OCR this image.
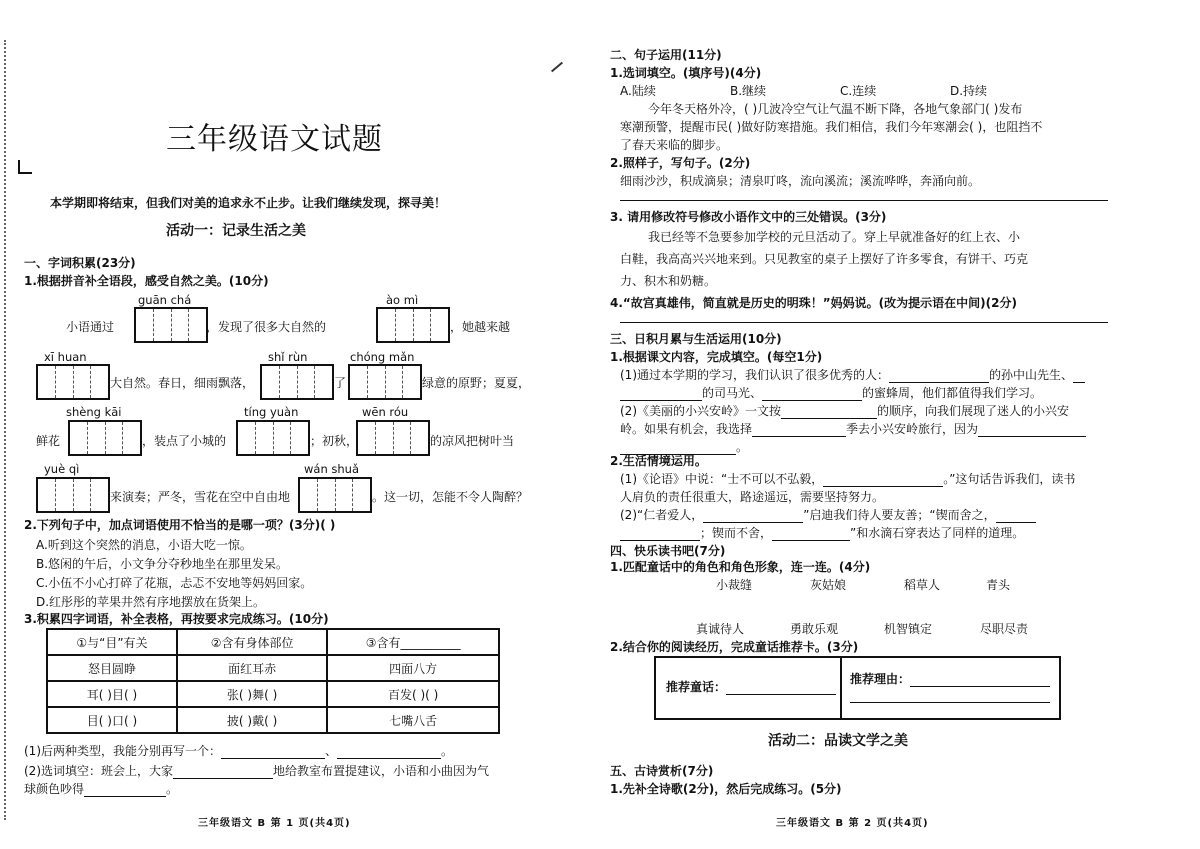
三年级语文试题
本学期即将结束，但我们对美的追求永不止步。让我们继续发现，探寻美！
活动一：记录生活之美
一、字词积累(23分)
1.根据拼音补全语段，感受自然之美。(10分)
guān chá	ào mì
小语通过	，发现了很多大自然的	，她越来越
xī huan	shǐ rùn	chóng mǎn
大自然。春日，细雨飘落，	了	绿意的原野；夏夏，
shèng kāi	tíng yuàn	wēn róu
鲜花	，装点了小城的	；初秋，	的凉风把树叶当
yuè qì	wán shuǎ
来演奏；严冬，雪花在空中自由地	。这一切，怎能不令人陶醉？
2.下列句子中，加点词语使用不恰当的是哪一项？(3分)( )
A.听到这个突然的消息，小语大吃一惊。
B.悠闲的午后，小文争分夺秒地坐在那里发呆。
C.小伍不小心打碎了花瓶，忐忑不安地等妈妈回家。
D.红彤彤的苹果井然有序地摆放在货架上。
3.积累四字词语，补全表格，再按要求完成练习。(10分)
①与“目”有关	②含有身体部位	③含有__________
怒目圆睁	面红耳赤	四面八方
耳( )目( )	张( )舞( )	百发( )( )
目( )口( )	披( )戴( )	七嘴八舌
(1)后两种类型，我能分别再写一个：	、	。
(2)选词填空：班会上，大家	地给教室布置提建议，小语和小曲因为气
球颜色吵得	。
三年级语文 B 第 1 页(共4页)
二、句子运用(11分)
1.选词填空。(填序号)(4分)
A.陆续	B.继续	C.连续	D.持续
今年冬天格外冷，( )几波冷空气让气温不断下降，各地气象部门( )发布
寒潮预警，提醒市民( )做好防寒措施。我们相信，我们今年寒潮会( )，也阻挡不
了春天来临的脚步。
2.照样子，写句子。(2分)
细雨沙沙，积成滴泉；清泉叮咚，流向溪流；溪流哗哗，奔涌向前。
3. 请用修改符号修改小语作文中的三处错误。(3分)
我已经等不急要参加学校的元旦活动了。穿上早就准备好的红上衣、小
白鞋，我高高兴兴地来到。只见教室的桌子上摆好了许多零食，有饼干、巧克
力、积木和奶糖。
4.“故宫真雄伟，简直就是历史的明珠！”妈妈说。(改为提示语在中间)(2分)
三、日积月累与生活运用(10分)
1.根据课文内容，完成填空。(每空1分)
(1)通过本学期的学习，我们认识了很多优秀的人：	的孙中山先生、
的司马光、	的蜜蜂周，他们都值得我们学习。
(2)《美丽的小兴安岭》一文按	的顺序，向我们展现了迷人的小兴安
岭。如果有机会，我选择	季去小兴安岭旅行，因为
。
2.生活情境运用。
(1)《论语》中说：“士不可以不弘毅，	。”这句话告诉我们，读书
人肩负的责任很重大，路途遥远，需要坚持努力。
(2)“仁者爱人，	”启迪我们待人要友善；“锲而舍之，
；锲而不舍，	”和水滴石穿表达了同样的道理。
四、快乐读书吧(7分)
1.匹配童话中的角色和角色形象，连一连。(4分)
小裁缝	灰姑娘	稻草人	青头
真诚待人	勇敢乐观	机智镇定	尽职尽责
2.结合你的阅读经历，完成童话推荐卡。(3分)
活动二：品读文学之美
五、古诗赏析(7分)
1.先补全诗歌(2分)，然后完成练习。(5分)
三年级语文 B 第 2 页(共4页)
推荐童话：
推荐理由：
